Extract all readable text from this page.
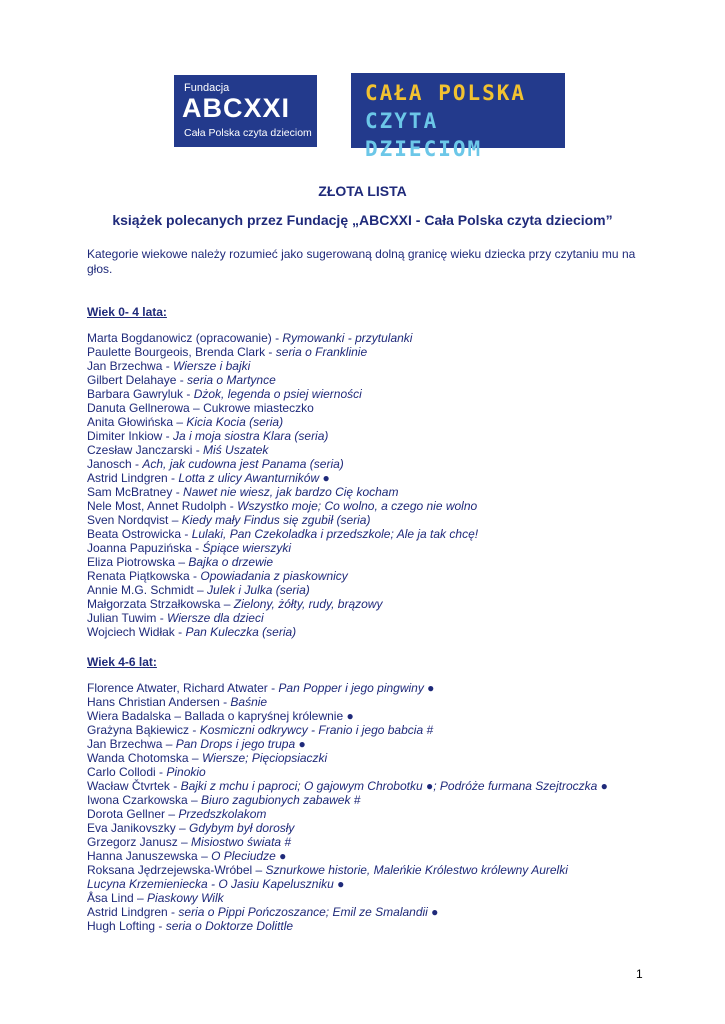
Fundacja
ABCXXI
Cała Polska czyta dzieciom
CAŁA POLSKA
CZYTA DZIECIOM
ZŁOTA LISTA
książek polecanych przez Fundację „ABCXXI - Cała Polska czyta dzieciom”
Kategorie wiekowe należy rozumieć jako sugerowaną dolną granicę wieku dziecka przy czytaniu mu na głos.
Wiek 0- 4 lata:
Marta Bogdanowicz (opracowanie) - Rymowanki - przytulanki
Paulette Bourgeois, Brenda Clark - seria o Franklinie
Jan Brzechwa - Wiersze i bajki
Gilbert Delahaye - seria o Martynce
Barbara Gawryluk - Dżok, legenda o psiej wierności
Danuta Gellnerowa – Cukrowe miasteczko
Anita Głowińska – Kicia Kocia (seria)
Dimiter Inkiow - Ja i moja siostra Klara (seria)
Czesław Janczarski - Miś Uszatek
Janosch - Ach, jak cudowna jest Panama (seria)
Astrid Lindgren - Lotta z ulicy Awanturników ●
Sam McBratney - Nawet nie wiesz, jak bardzo Cię kocham
Nele Most, Annet Rudolph - Wszystko moje; Co wolno, a czego nie wolno
Sven Nordqvist – Kiedy mały Findus się zgubił (seria)
Beata Ostrowicka - Lulaki, Pan Czekoladka i przedszkole; Ale ja tak chcę!
Joanna Papuzińska - Śpiące wierszyki
Eliza Piotrowska – Bajka o drzewie
Renata Piątkowska - Opowiadania z piaskownicy
Annie M.G. Schmidt – Julek i Julka (seria)
Małgorzata Strzałkowska – Zielony, żółty, rudy, brązowy
Julian Tuwim - Wiersze dla dzieci
Wojciech Widłak - Pan Kuleczka (seria)
Wiek 4-6 lat:
Florence Atwater, Richard Atwater - Pan Popper i jego pingwiny ●
Hans Christian Andersen - Baśnie
Wiera Badalska – Ballada o kapryśnej królewnie ●
Grażyna Bąkiewicz - Kosmiczni odkrywcy - Franio i jego babcia #
Jan Brzechwa – Pan Drops i jego trupa ●
Wanda Chotomska – Wiersze; Pięciopsiaczki
Carlo Collodi - Pinokio
Wacław Čtvrtek - Bajki z mchu i paproci; O gajowym Chrobotku ●; Podróże furmana Szejtroczka ●
Iwona Czarkowska – Biuro zagubionych zabawek #
Dorota Gellner – Przedszkolakom
Eva Janikovszky – Gdybym był dorosły
Grzegorz Janusz – Misiostwo świata #
Hanna Januszewska – O Pleciudze ●
Roksana Jędrzejewska-Wróbel – Sznurkowe historie, Maleńkie Królestwo królewny Aurelki
Lucyna Krzemieniecka - O Jasiu Kapeluszniku ●
Åsa Lind – Piaskowy Wilk
Astrid Lindgren - seria o Pippi Pończoszance; Emil ze Smalandii ●
Hugh Lofting - seria o Doktorze Dolittle
1
